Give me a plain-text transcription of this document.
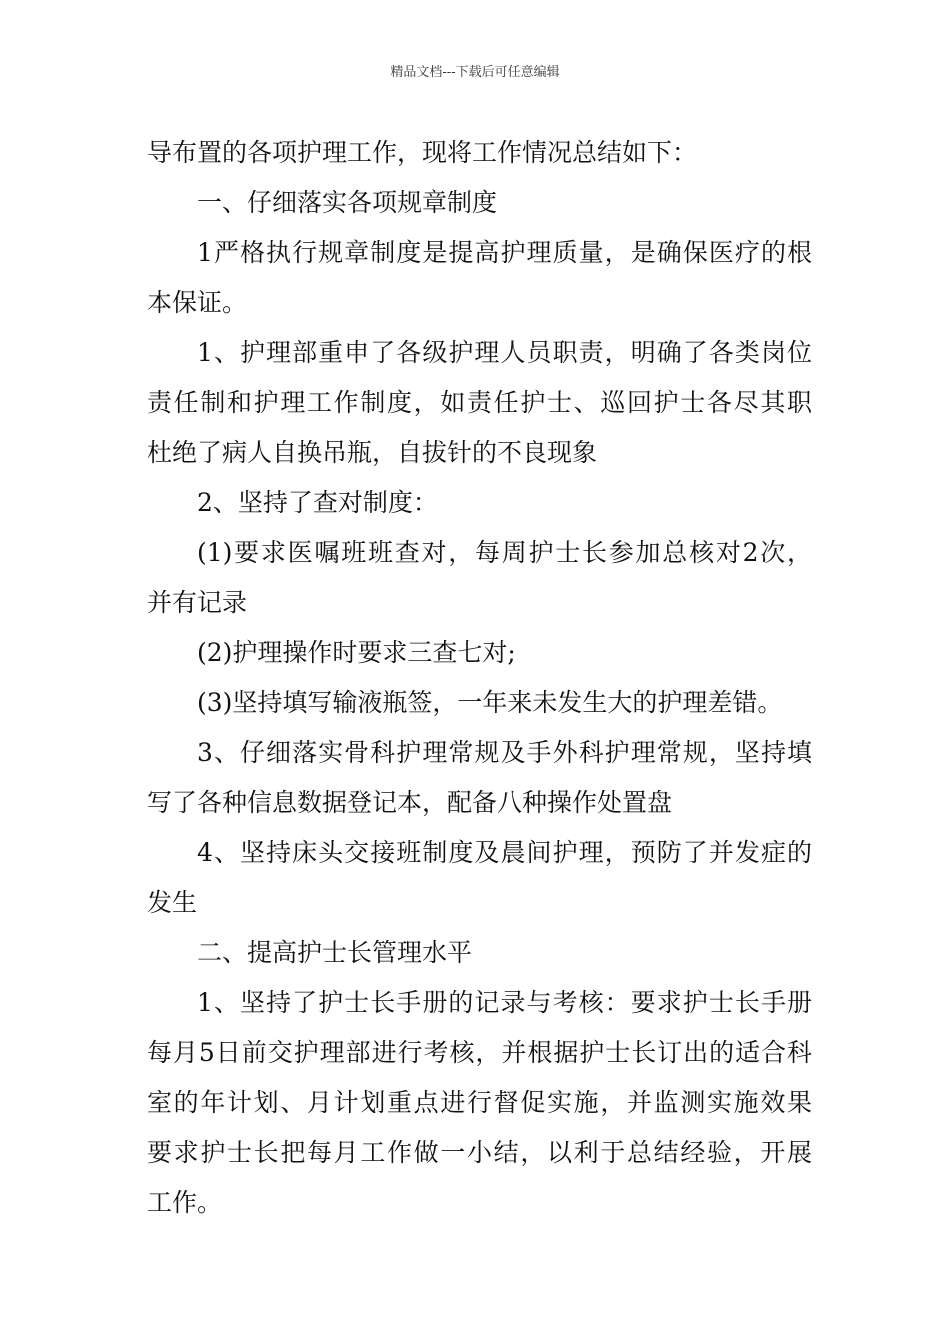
精品文档---下载后可任意编辑
导布置的各项护理工作，现将工作情况总结如下：
一、仔细落实各项规章制度
1严格执行规章制度是提高护理质量，是确保医疗的根
本保证。
1、护理部重申了各级护理人员职责，明确了各类岗位
责任制和护理工作制度，如责任护士、巡回护士各尽其职
杜绝了病人自换吊瓶，自拔针的不良现象
2、坚持了查对制度：
(1)要求医嘱班班查对，每周护士长参加总核对2次，
并有记录
(2)护理操作时要求三查七对;
(3)坚持填写输液瓶签，一年来未发生大的护理差错。
3、仔细落实骨科护理常规及手外科护理常规，坚持填
写了各种信息数据登记本，配备八种操作处置盘
4、坚持床头交接班制度及晨间护理，预防了并发症的
发生
二、提高护士长管理水平
1、坚持了护士长手册的记录与考核：要求护士长手册
每月5日前交护理部进行考核，并根据护士长订出的适合科
室的年计划、月计划重点进行督促实施，并监测实施效果
要求护士长把每月工作做一小结，以利于总结经验，开展
工作。
